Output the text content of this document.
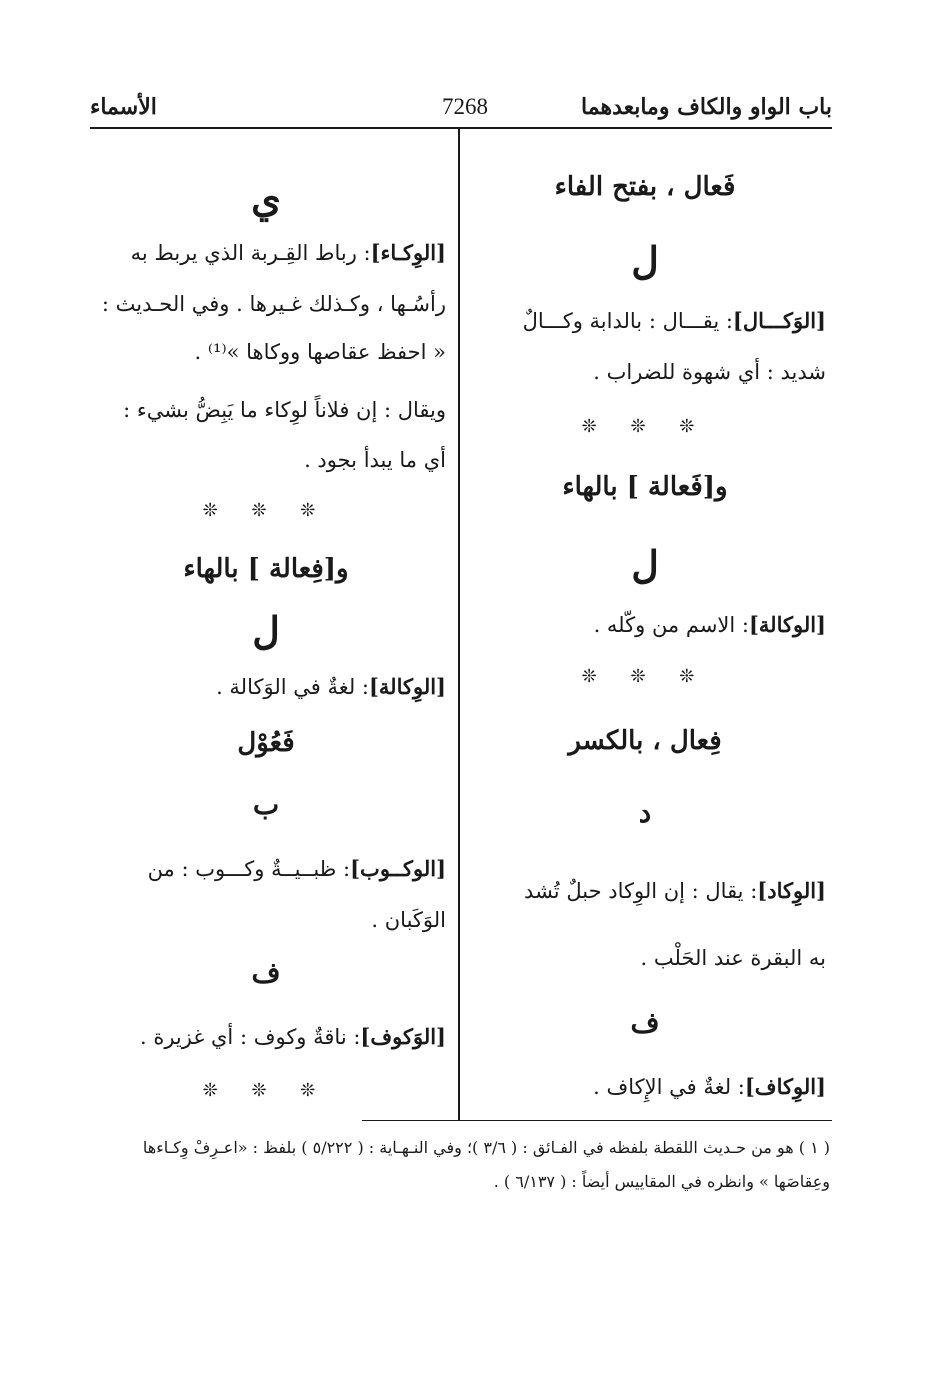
باب الواو والكاف ومابعدهما
7268
الأسماء
فَعال ، بفتح الفاء
ل
[الوَكـــال]: يقـــال : بالدابة وكـــالٌ
شديد : أي شهوة للضراب .
❊ ❊ ❊
و[فَعالة ] بالهاء
ل
[الوكالة]: الاسم من وكّله .
❊ ❊ ❊
فِعال ، بالكسر
د
[الوِكاد]: يقال : إن الوِكاد حبلٌ تُشد
به البقرة عند الحَلْب .
ف
[الوِكاف]: لغةٌ في الإِكاف .
ي
[الوِكـاء]: رباط القِـربة الذي يربط به
رأسُـها ، وكـذلك غـيرها . وفي الحـديث :
« احفظ عقاصها ووكاها »⁽¹⁾ .
ويقال : إن فلاناً لوِكاء ما يَبِضُّ بشيء :
أي ما يبدأ بجود .
❊ ❊ ❊
و[فِعالة ] بالهاء
ل
[الوِكالة]: لغةٌ في الوَكالة .
فَعُوْل
ب
[الوكــوب]: ظبــيــةٌ وكـــوب : من
الوَكَبان .
ف
[الوَكوف]: ناقةٌ وكوف : أي غزيرة .
❊ ❊ ❊
( ١ ) هو من حـديث اللقطة بلفظه في الفـائق : ( ٣/٦ )؛ وفي النـهـاية : ( ٥/٢٢٢ ) بلفظ : «اعـرِفْ وِكـاءها
وعِقاصَها » وانظره في المقاييس أيضاً : ( ٦/١٣٧ ) .
